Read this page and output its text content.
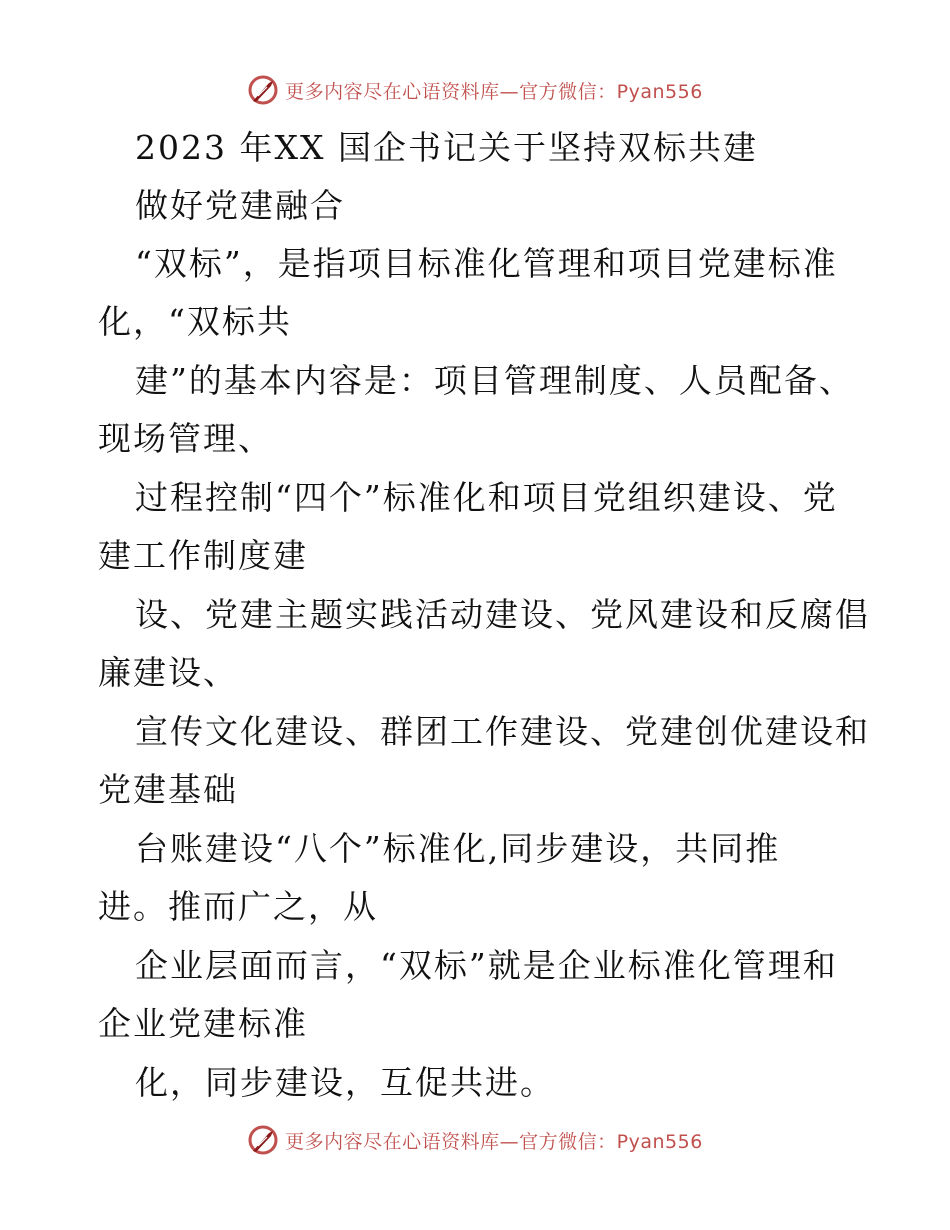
更多内容尽在心语资料库—官方微信：Pyan556
2023 年XX 国企书记关于坚持双标共建
做好党建融合
“双标”，是指项目标准化管理和项目党建标准
化，“双标共
建”的基本内容是：项目管理制度、人员配备、
现场管理、
过程控制“四个”标准化和项目党组织建设、党
建工作制度建
设、党建主题实践活动建设、党风建设和反腐倡
廉建设、
宣传文化建设、群团工作建设、党建创优建设和
党建基础
台账建设“八个”标准化,同步建设，共同推
进。推而广之，从
企业层面而言，“双标”就是企业标准化管理和
企业党建标准
化，同步建设，互促共进。
更多内容尽在心语资料库—官方微信：Pyan556
